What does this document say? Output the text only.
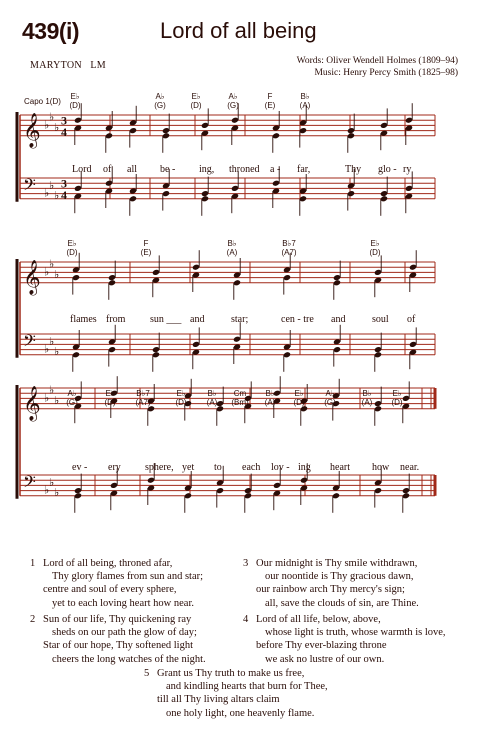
439(i)	Lord of all being
MARYTON LM	Words: Oliver Wendell Holmes (1809–94)
Music: Henry Percy Smith (1825–98)
Capo 1(D)
𝄞 ♭
♭
♭
3
4
𝄢 ♭
♭
♭
3
4
E♭
(D)
A♭
(G)
E♭
(D)
A♭
(G)
F
(E)
B♭
(A)
Lord of all be - ing, throned a - far,	Thy glo - ry
𝄞 ♭
♭
♭
𝄢 ♭
♭
♭
E♭
(D)
F
(E)
B♭
(A)
B♭7
(A7)
E♭
(D)
flames from sun ___ and	star;	cen - tre and	soul of
𝄞 ♭
♭
♭
𝄢 ♭
♭
♭
A♭
(G)
E♭
(D)
B♭7
(A7)
E♭
(D)
B♭
(A)
Cm
(Bm)
B♭
(A)
E♭
(D)
A♭
(G)
B♭
(A)
E♭
(D)
ev - ery sphere, yet to each lov - ing heart how near.
1 Lord of all being, throned afar,
Thy glory flames from sun and star;
centre and soul of every sphere,
yet to each loving heart how near.
2 Sun of our life, Thy quickening ray
sheds on our path the glow of day;
Star of our hope, Thy softened light
cheers the long watches of the night.
3 Our midnight is Thy smile withdrawn,
our noontide is Thy gracious dawn,
our rainbow arch Thy mercy's sign;
all, save the clouds of sin, are Thine.
4 Lord of all life, below, above,
whose light is truth, whose warmth is love,
before Thy ever-blazing throne
we ask no lustre of our own.
5 Grant us Thy truth to make us free,
and kindling hearts that burn for Thee,
till all Thy living altars claim
one holy light, one heavenly flame.
